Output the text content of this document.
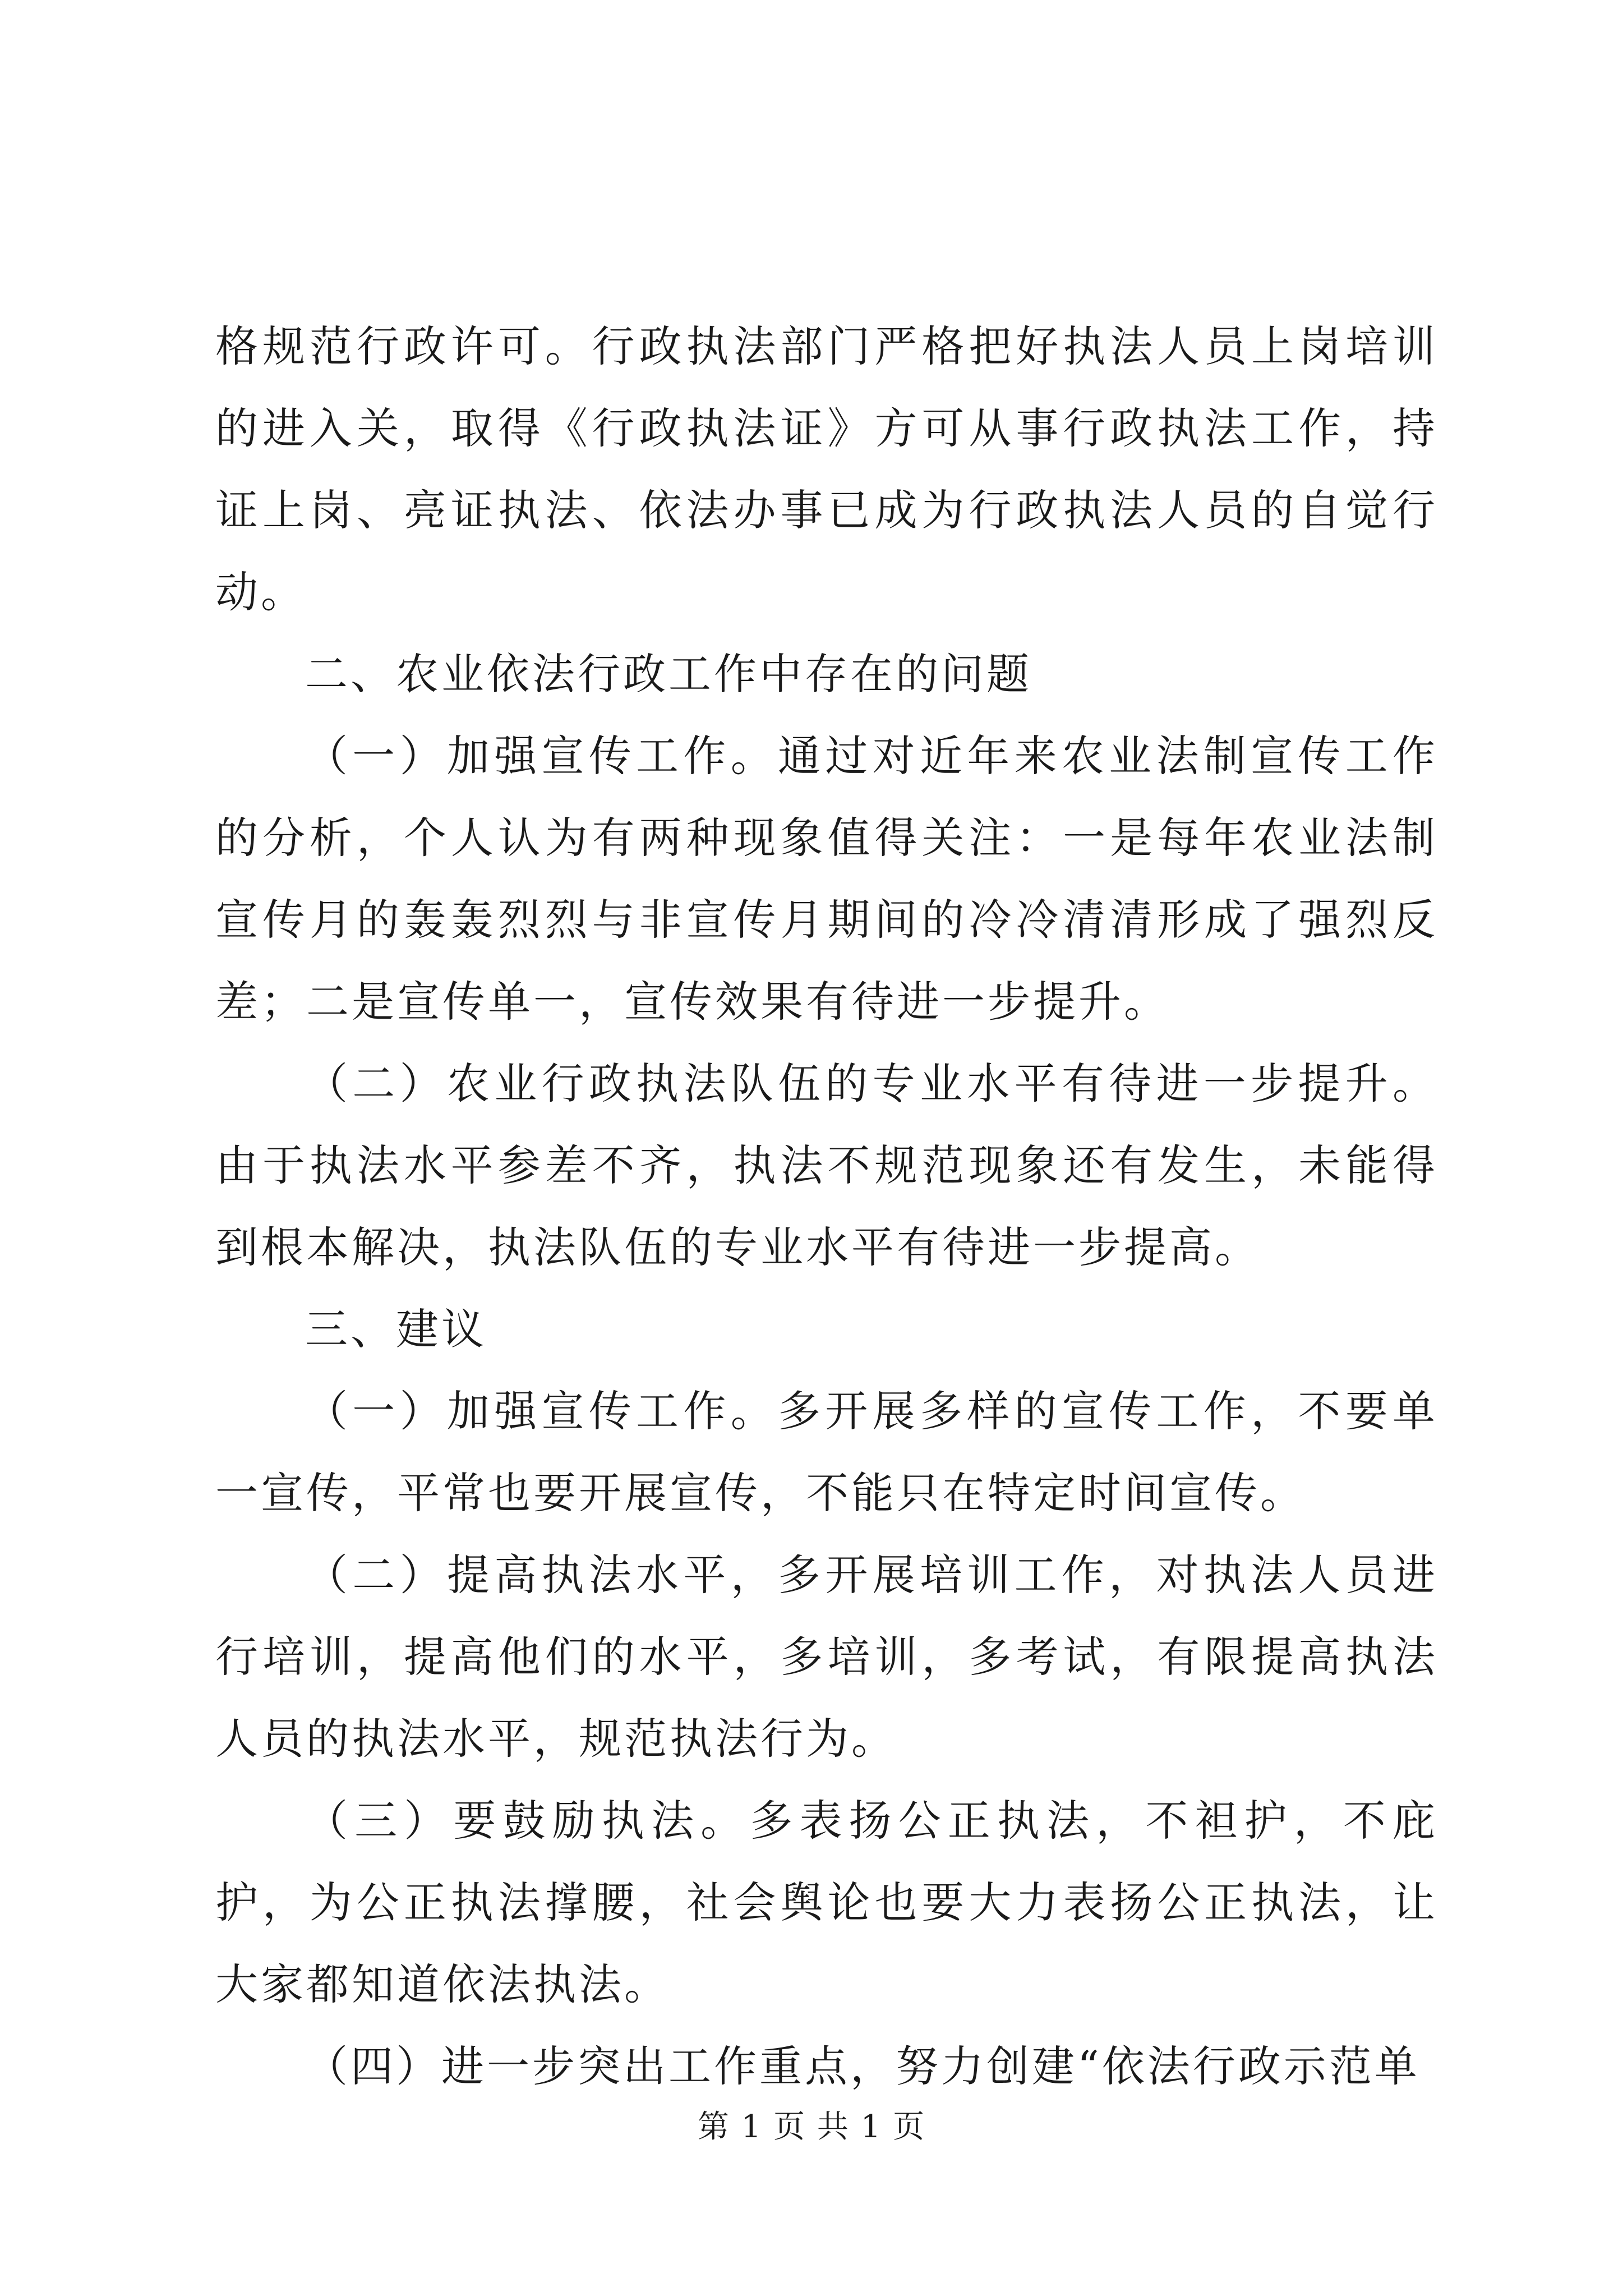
格规范行政许可。行政执法部门严格把好执法人员上岗培训的进入关，取得《行政执法证》方可从事行政执法工作，持证上岗、亮证执法、依法办事已成为行政执法人员的自觉行动。

二、农业依法行政工作中存在的问题

（一）加强宣传工作。通过对近年来农业法制宣传工作的分析，个人认为有两种现象值得关注：一是每年农业法制宣传月的轰轰烈烈与非宣传月期间的冷冷清清形成了强烈反差；二是宣传单一，宣传效果有待进一步提升。

（二）农业行政执法队伍的专业水平有待进一步提升。由于执法水平参差不齐，执法不规范现象还有发生，未能得到根本解决，执法队伍的专业水平有待进一步提高。

三、建议

（一）加强宣传工作。多开展多样的宣传工作，不要单一宣传，平常也要开展宣传，不能只在特定时间宣传。

（二）提高执法水平，多开展培训工作，对执法人员进行培训，提高他们的水平，多培训，多考试，有限提高执法人员的执法水平，规范执法行为。

（三）要鼓励执法。多表扬公正执法，不袒护，不庇护，为公正执法撑腰，社会舆论也要大力表扬公正执法，让大家都知道依法执法。

（四）进一步突出工作重点，努力创建“依法行政示范单

第 1 页 共 1 页
